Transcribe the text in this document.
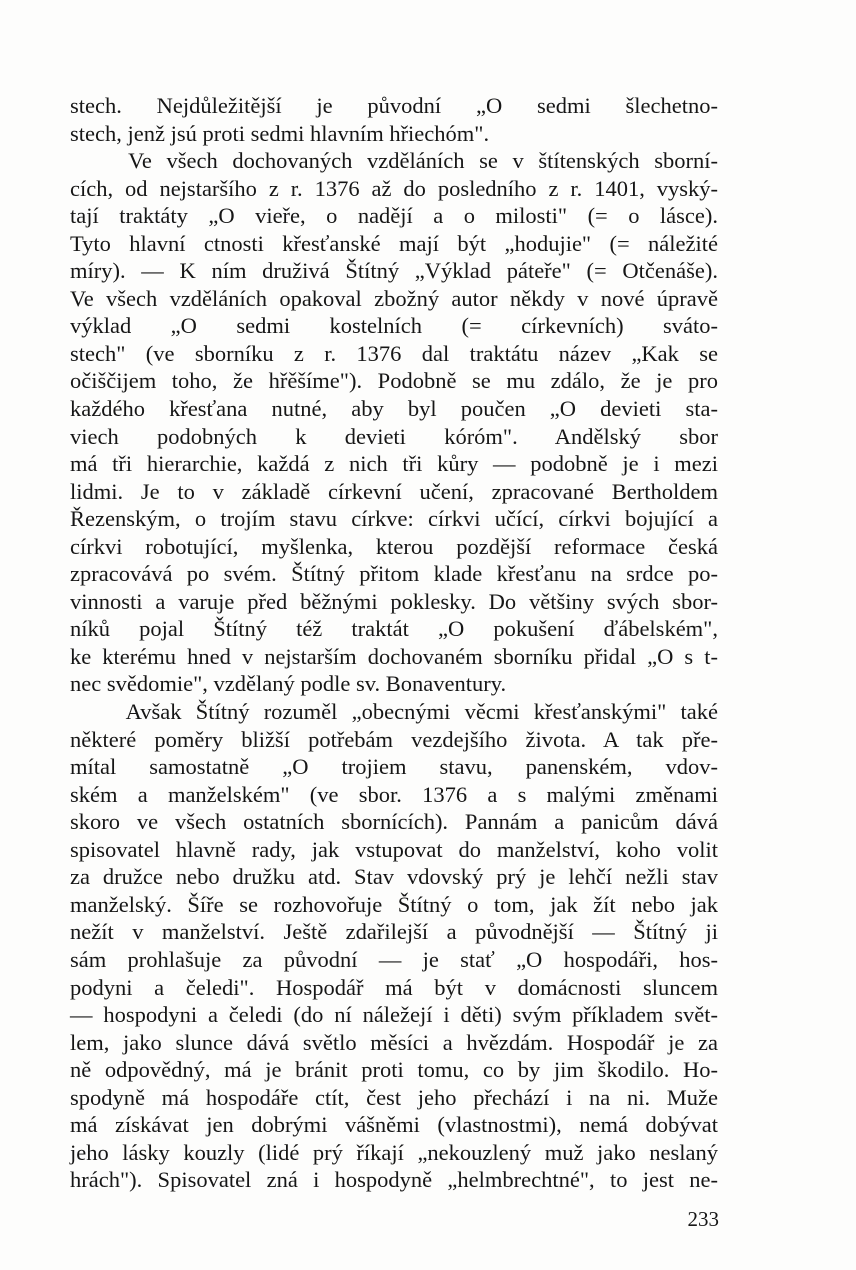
stech. Nejdůležitější je původní „O sedmi šlechetno-
stech, jenž jsú proti sedmi hlavním hřiechóm".
Ve všech dochovaných vzděláních se v štítenských sborní-
cích, od nejstaršího z r. 1376 až do posledního z r. 1401, vyský-
tají traktáty „O vieře, o nadějí a o milosti" (= o lásce).
Tyto hlavní ctnosti křesťanské mají být „hodujie" (= náležité
míry). — K ním druživá Štítný „Výklad páteře" (= Otčenáše).
Ve všech vzděláních opakoval zbožný autor někdy v nové úpravě
výklad „O sedmi kostelních (= církevních) sváto-
stech" (ve sborníku z r. 1376 dal traktátu název „Kak se
očiščijem toho, že hřěšíme"). Podobně se mu zdálo, že je pro
každého křesťana nutné, aby byl poučen „O devieti sta-
viech podobných k devieti kóróm". Andělský sbor
má tři hierarchie, každá z nich tři kůry — podobně je i mezi
lidmi. Je to v základě církevní učení, zpracované Bertholdem
Řezenským, o trojím stavu církve: církvi učící, církvi bojující a
církvi robotující, myšlenka, kterou pozdější reformace česká
zpracovává po svém. Štítný přitom klade křesťanu na srdce po-
vinnosti a varuje před běžnými poklesky. Do většiny svých sbor-
níků pojal Štítný též traktát „O pokušení ďábelském",
ke kterému hned v nejstarším dochovaném sborníku přidal „O s t-
nec svědomie", vzdělaný podle sv. Bonaventury.
Avšak Štítný rozuměl „obecnými věcmi křesťanskými" také
některé poměry bližší potřebám vezdejšího života. A tak pře-
mítal samostatně „O trojiem stavu, panenském, vdov-
ském a manželském" (ve sbor. 1376 a s malými změnami
skoro ve všech ostatních sbornících). Pannám a panicům dává
spisovatel hlavně rady, jak vstupovat do manželství, koho volit
za družce nebo družku atd. Stav vdovský prý je lehčí nežli stav
manželský. Šíře se rozhovořuje Štítný o tom, jak žít nebo jak
nežít v manželství. Ještě zdařilejší a původnější — Štítný ji
sám prohlašuje za původní — je stať „O hospodáři, hos-
podyni a čeledi". Hospodář má být v domácnosti sluncem
— hospodyni a čeledi (do ní náležejí i děti) svým příkladem svět-
lem, jako slunce dává světlo měsíci a hvězdám. Hospodář je za
ně odpovědný, má je bránit proti tomu, co by jim škodilo. Ho-
spodyně má hospodáře ctít, čest jeho přechází i na ni. Muže
má získávat jen dobrými vášněmi (vlastnostmi), nemá dobývat
jeho lásky kouzly (lidé prý říkají „nekouzlený muž jako neslaný
hrách"). Spisovatel zná i hospodyně „helmbrechtné", to jest ne-
233
